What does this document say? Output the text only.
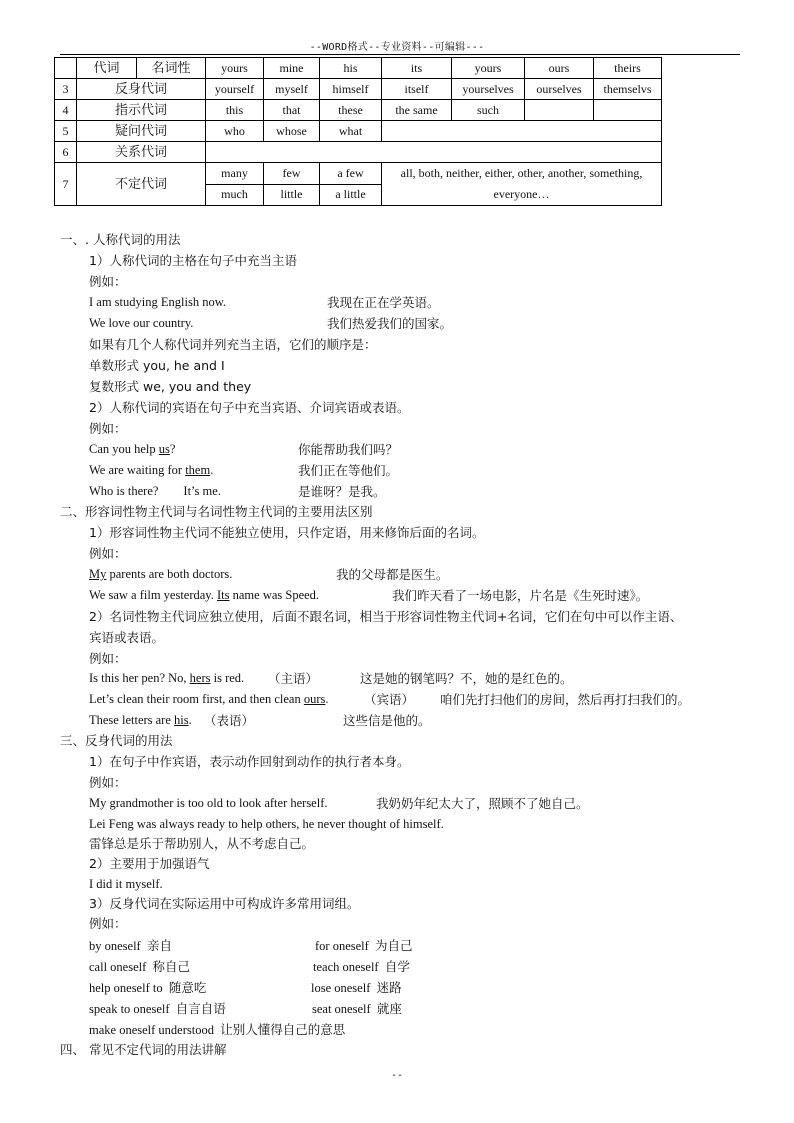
--WORD格式--专业资料--可编辑---
	代词	名词性	yours	mine	his	its	yours	ours	theirs
3	反身代词		yourself	myself	himself	itself	yourselves	ourselves	themselvs
4	指示代词		this	that	these	the same	such		
5	疑问代词		who	whose	what				
6	关系代词								
7	不定代词		many	few	a few	all, both, neither, either, other, another, something, everyone…			
			much	little	a little				
一、. 人称代词的用法
1）人称代词的主格在句子中充当主语
例如：
I am studying English now.	我现在正在学英语。
We love our country.	我们热爱我们的国家。
如果有几个人称代词并列充当主语，它们的顺序是：
单数形式 you, he and I
复数形式 we, you and they
2）人称代词的宾语在句子中充当宾语、介词宾语或表语。
例如：
Can you help us?	你能帮助我们吗？
We are waiting for them.	我们正在等他们。
Who is there?        It’s me.	是谁呀？是我。
二、形容词性物主代词与名词性物主代词的主要用法区别
1）形容词性物主代词不能独立使用，只作定语，用来修饰后面的名词。
例如：
My parents are both doctors.	我的父母都是医生。
We saw a film yesterday. Its name was Speed.	我们昨天看了一场电影，片名是《生死时速》。
2）名词性物主代词应独立使用，后面不跟名词，相当于形容词性物主代词+名词，它们在句中可以作主语、
宾语或表语。
例如：
Is this her pen? No, hers is red. （主语）	这是她的钢笔吗？不，她的是红色的。
Let’s clean their room first, and then clean ours.	（宾语） 咱们先打扫他们的房间，然后再打扫我们的。
These letters are his. （表语）	这些信是他的。
三、反身代词的用法
1）在句子中作宾语，表示动作回射到动作的执行者本身。
例如：
My grandmother is too old to look after herself.	我奶奶年纪太大了，照顾不了她自己。
Lei Feng was always ready to help others, he never thought of himself.
雷锋总是乐于帮助别人，从不考虑自己。
2）主要用于加强语气
I did it myself.
3）反身代词在实际运用中可构成许多常用词组。
例如：
by oneself 亲自	for oneself 为自己
call oneself 称自己	teach oneself 自学
help oneself to 随意吃	lose oneself 迷路
speak to oneself 自言自语	seat oneself 就座
make oneself understood 让别人懂得自己的意思
四、 常见不定代词的用法讲解
--
